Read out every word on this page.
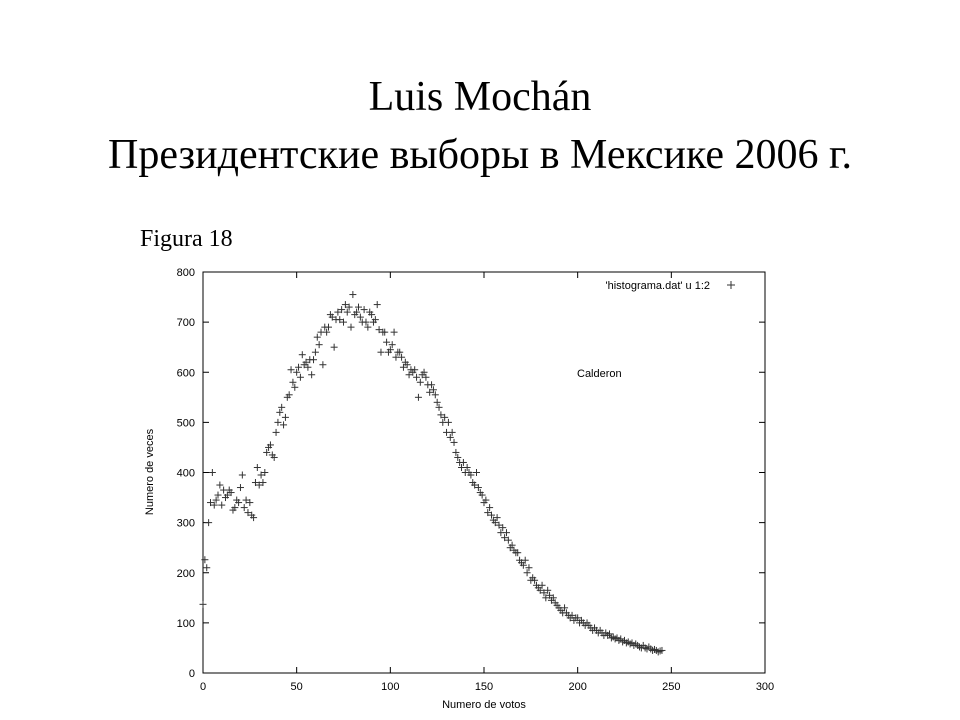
Luis Mochán
Президентские выборы в Мексике 2006 г.
Figura 18
0	50	100	150	200	250	300
0
100
200
300
400
500
600
700
800
'histograma.dat' u 1:2
Calderon
Numero de votos
Numero de veces
